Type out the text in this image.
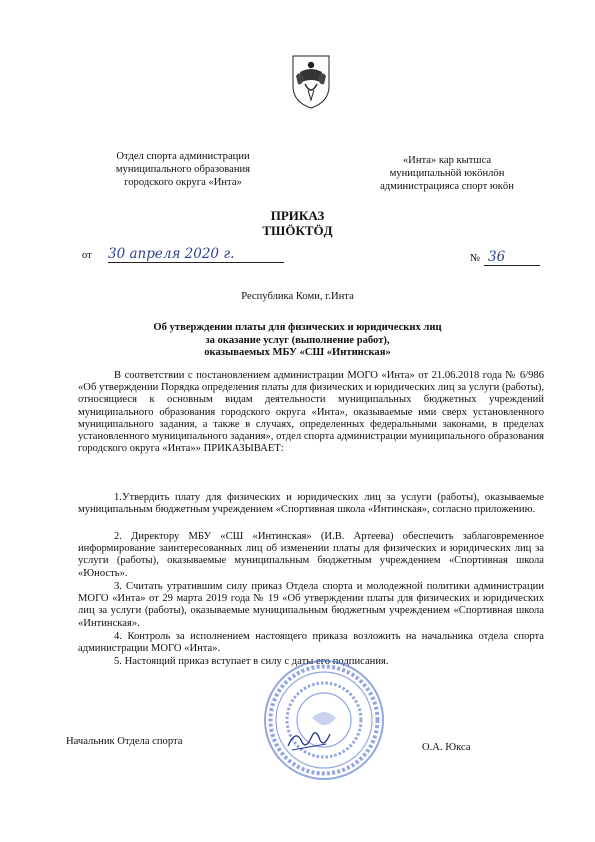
Отдел спорта администрации
муниципального образования
городского округа «Инта»
«Инта» кар кытшса
муниципальнöй юкöнлöн
администрацияса спорт юкöн
ПРИКАЗ
ТШÖКТÖД
от 30 апреля 2020 г.	№ 36
Республика Коми, г.Инта
Об утверждении платы для физических и юридических лиц
за оказание услуг (выполнение работ),
оказываемых МБУ «СШ «Интинская»
В соответствии с постановлением администрации МОГО «Инта» от 21.06.2018 года № 6/986 «Об утверждении Порядка определения платы для физических и юридических лиц за услуги (работы), относящиеся к основным видам деятельности муниципальных бюджетных учреждений муниципального образования городского округа «Инта», оказываемые ими сверх установленного муниципального задания, а также в случаях, определенных федеральными законами, в пределах установленного муниципального задания», отдел спорта администрации муниципального образования городского округа «Инта»» ПРИКАЗЫВАЕТ:
1.Утвердить плату для физических и юридических лиц за услуги (работы), оказываемые муниципальным бюджетным учреждением «Спортивная школа «Интинская», согласно приложению.
2. Директору МБУ «СШ «Интинская» (И.В. Артеева) обеспечить заблаговременное информирование заинтересованных лиц об изменении платы для физических и юридических лиц за услуги (работы), оказываемые муниципальным бюджетным учреждением «Спортивная школа «Юность».
3. Считать утратившим силу приказ Отдела спорта и молодежной политики администрации МОГО «Инта» от 29 марта 2019 года № 19 «Об утверждении платы для физических и юридических лиц за услуги (работы), оказываемые муниципальным бюджетным учреждением «Спортивная школа «Интинская».
4. Контроль за исполнением настоящего приказа возложить на начальника отдела спорта администрации МОГО «Инта».
5. Настоящий приказ вступает в силу с даты его подписания.
Начальник Отдела спорта
О.А. Юкса
